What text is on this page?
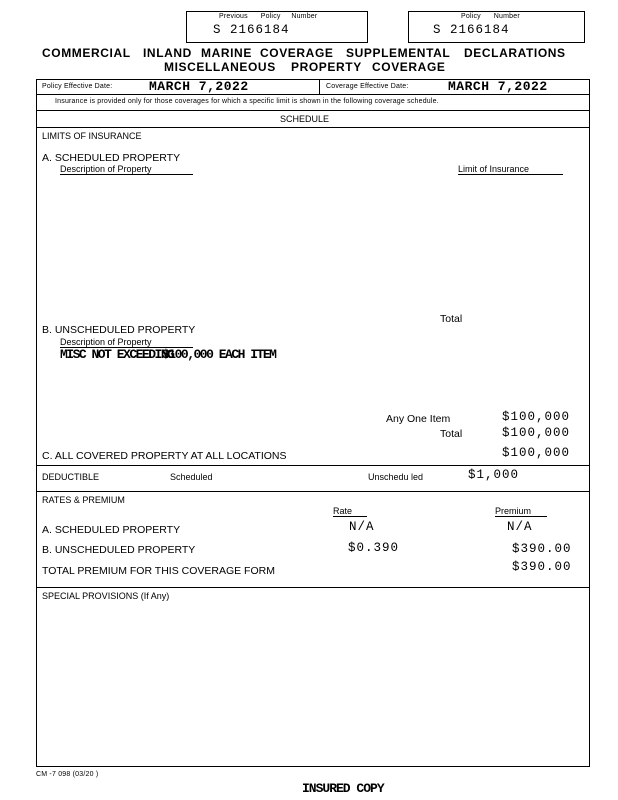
Previous Policy Number
S 2166184
Policy Number
S 2166184
COMMERCIAL INLAND MARINE COVERAGE SUPPLEMENTAL DECLARATIONS
MISCELLANEOUS PROPERTY COVERAGE
Policy Effective Date:	MARCH 7,2022	Coverage Effective Date:	MARCH 7,2022
Insurance is provided only for those coverages for which a specific limit is shown in the following coverage schedule.
SCHEDULE
LIMITS OF INSURANCE
A. SCHEDULED PROPERTY
Description of Property	Limit of Insurance
Total
B. UNSCHEDULED PROPERTY
Description of Property
MISC NOT EXCEEDING
$100,000 EACH ITEM
Any One Item	$100,000
Total	$100,000
C. ALL COVERED PROPERTY AT ALL LOCATIONS	$100,000
DEDUCTIBLE	Scheduled	Unschedu led	$1,000
RATES & PREMIUM
Rate	Premium
A. SCHEDULED PROPERTY	N/A	N/A
B. UNSCHEDULED PROPERTY	$0.390	$390.00
TOTAL PREMIUM FOR THIS COVERAGE FORM	$390.00
SPECIAL PROVISIONS (If Any)
CM -7 098 (03/20 )
INSURED COPY
